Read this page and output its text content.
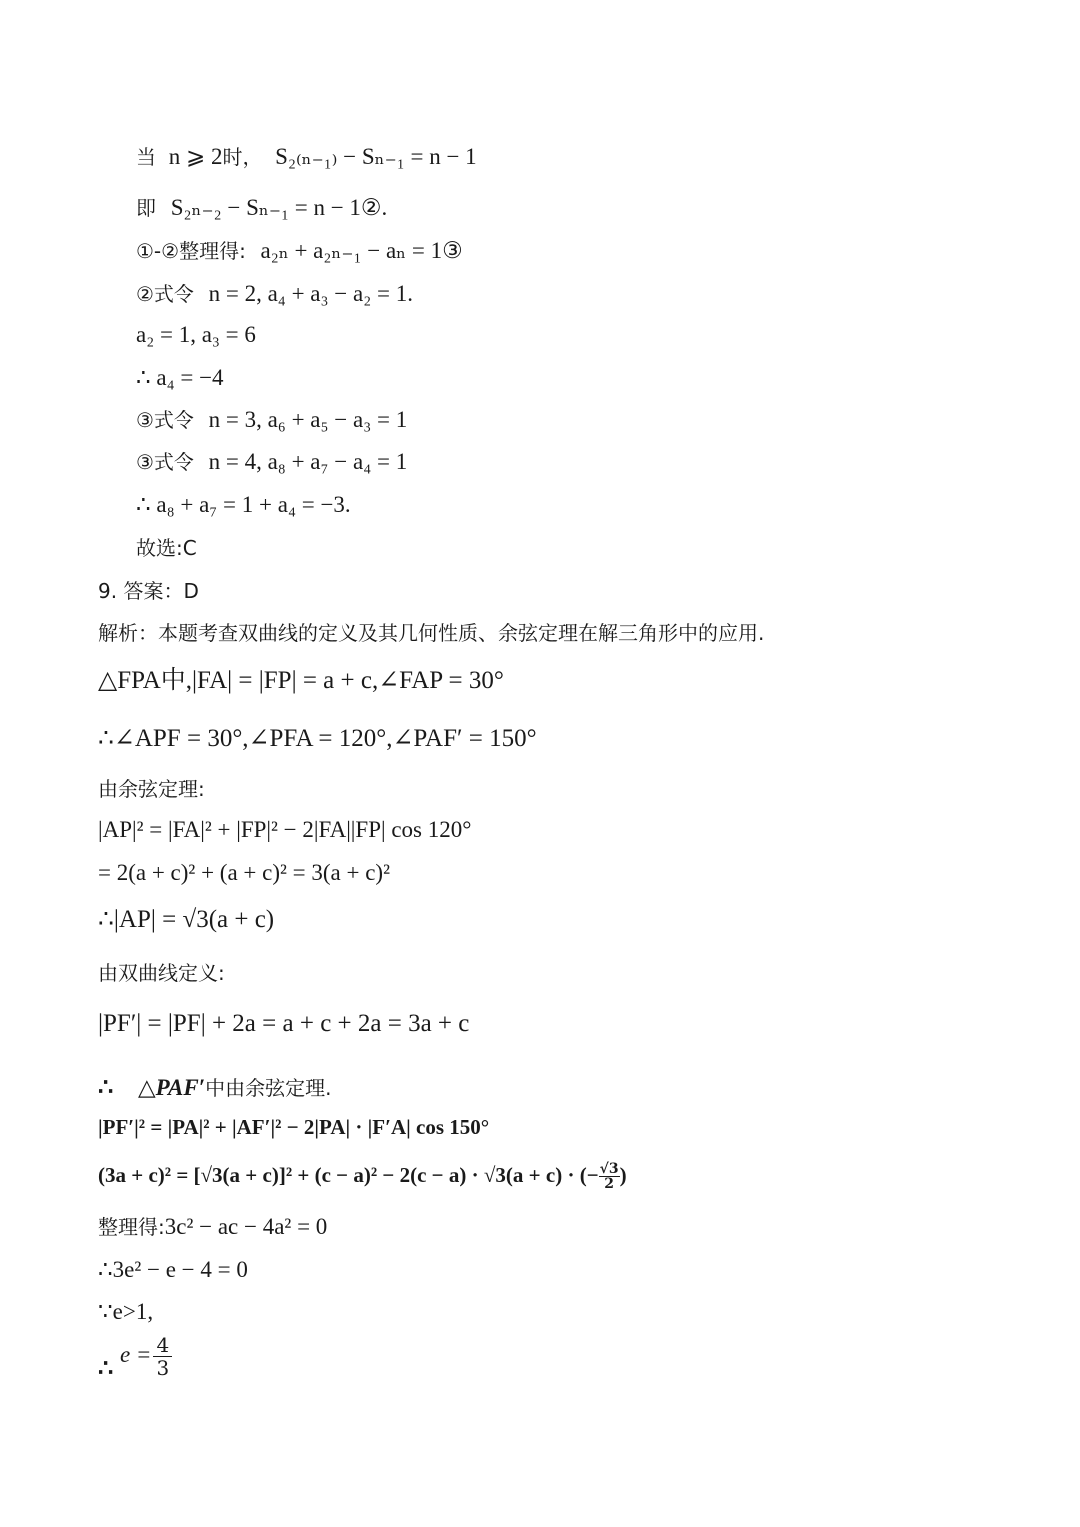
当 n ⩾ 2时， S₂₍ₙ₋₁₎ − Sₙ₋₁ = n − 1
即 S₂ₙ₋₂ − Sₙ₋₁ = n − 1②.
①-②整理得: a₂ₙ + a₂ₙ₋₁ − aₙ = 1③
②式令 n = 2, a₄ + a₃ − a₂ = 1.
a₂ = 1, a₃ = 6
∴ a₄ = −4
③式令 n = 3, a₆ + a₅ − a₃ = 1
③式令 n = 4, a₈ + a₇ − a₄ = 1
∴ a₈ + a₇ = 1 + a₄ = −3.
故选:C
9. 答案：D
解析：本题考查双曲线的定义及其几何性质、余弦定理在解三角形中的应用.
△FPA中,|FA| = |FP| = a + c,∠FAP = 30°
∴∠APF = 30°,∠PFA = 120°,∠PAF′ = 150°
由余弦定理:
|AP|² = |FA|² + |FP|² − 2|FA||FP| cos 120°
= 2(a + c)² + (a + c)² = 3(a + c)²
∴|AP| = √3(a + c)
由双曲线定义:
|PF′| = |PF| + 2a = a + c + 2a = 3a + c
∴ △PAF′中由余弦定理.
|PF′|² = |PA|² + |AF′|² − 2|PA| · |F′A| cos 150°
(3a + c)² = [√3(a + c)]² + (c − a)² − 2(c − a) · √3(a + c) · (− $\frac{√3}{2}$ )
整理得:3c² − ac − 4a² = 0
∴3e² − e − 4 = 0
∵e>1,
∴ $e = \frac{4}{3}$
